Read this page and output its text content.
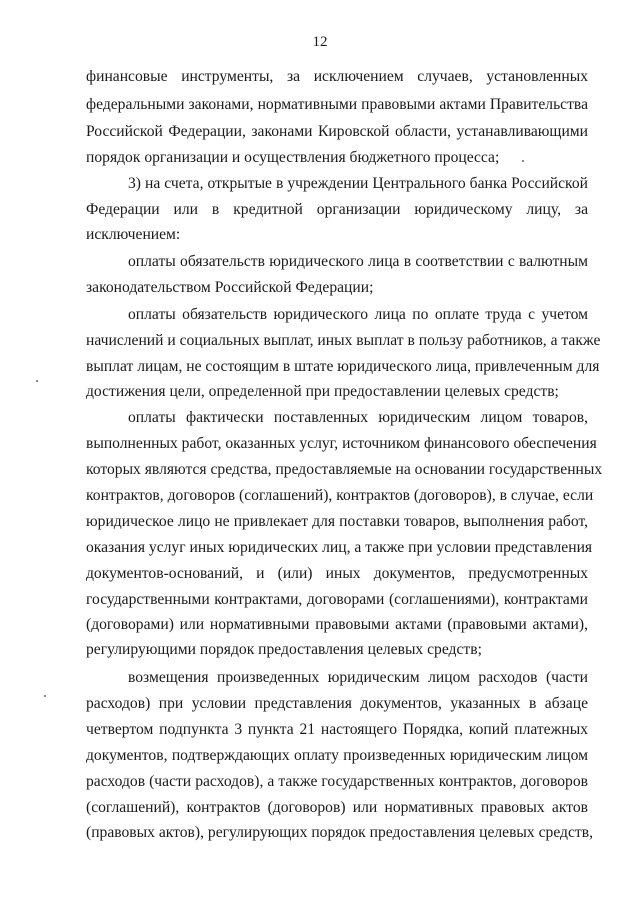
12
финансовые инструменты, за исключением случаев, установленных
федеральными законами, нормативными правовыми актами Правительства
Российской Федерации, законами Кировской области, устанавливающими
порядок организации и осуществления бюджетного процесса;
3) на счета, открытые в учреждении Центрального банка Российской
Федерации или в кредитной организации юридическому лицу, за
исключением:
оплаты обязательств юридического лица в соответствии с валютным
законодательством Российской Федерации;
оплаты обязательств юридического лица по оплате труда с учетом
начислений и социальных выплат, иных выплат в пользу работников, а также
выплат лицам, не состоящим в штате юридического лица, привлеченным для
достижения цели, определенной при предоставлении целевых средств;
оплаты фактически поставленных юридическим лицом товаров,
выполненных работ, оказанных услуг, источником финансового обеспечения
которых являются средства, предоставляемые на основании государственных
контрактов, договоров (соглашений), контрактов (договоров), в случае, если
юридическое лицо не привлекает для поставки товаров, выполнения работ,
оказания услуг иных юридических лиц, а также при условии представления
документов-оснований, и (или) иных документов, предусмотренных
государственными контрактами, договорами (соглашениями), контрактами
(договорами) или нормативными правовыми актами (правовыми актами),
регулирующими порядок предоставления целевых средств;
возмещения произведенных юридическим лицом расходов (части
расходов) при условии представления документов, указанных в абзаце
четвертом подпункта 3 пункта 21 настоящего Порядка, копий платежных
документов, подтверждающих оплату произведенных юридическим лицом
расходов (части расходов), а также государственных контрактов, договоров
(соглашений), контрактов (договоров) или нормативных правовых актов
(правовых актов), регулирующих порядок предоставления целевых средств,
